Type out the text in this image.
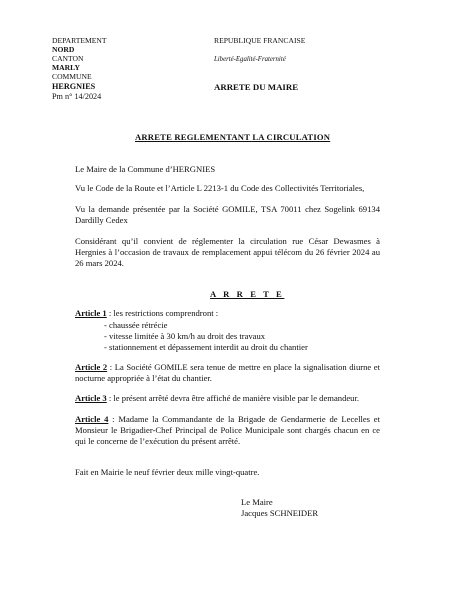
DEPARTEMENT
NORD
CANTON
MARLY
COMMUNE
HERGNIES
Pm n° 14/2024
REPUBLIQUE FRANCAISE
Liberté-Egalité-Fraternité
ARRETE DU MAIRE
ARRETE REGLEMENTANT LA CIRCULATION
Le Maire de la Commune d’HERGNIES
Vu le Code de la Route et l’Article L 2213-1 du Code des Collectivités Territoriales,
Vu la demande présentée par la Société GOMILE, TSA 70011 chez Sogelink 69134 Dardilly Cedex
Considérant qu’il convient de réglementer la circulation rue César Dewasmes à Hergnies à l’occasion de travaux de remplacement appui télécom du 26 février 2024 au 26 mars 2024.
A R R E T E
Article 1 : les restrictions comprendront :
- chaussée rétrécie
- vitesse limitée à 30 km/h au droit des travaux
- stationnement et dépassement interdit au droit du chantier
Article 2 : La Société GOMILE sera tenue de mettre en place la signalisation diurne et nocturne appropriée à l’état du chantier.
Article 3 : le présent arrêté devra être affiché de manière visible par le demandeur.
Article 4 : Madame la Commandante de la Brigade de Gendarmerie de Lecelles et Monsieur le Brigadier-Chef Principal de Police Municipale sont chargés chacun en ce qui le concerne de l’exécution du présent arrêté.
Fait en Mairie le neuf février deux mille vingt-quatre.
Le Maire
Jacques SCHNEIDER
